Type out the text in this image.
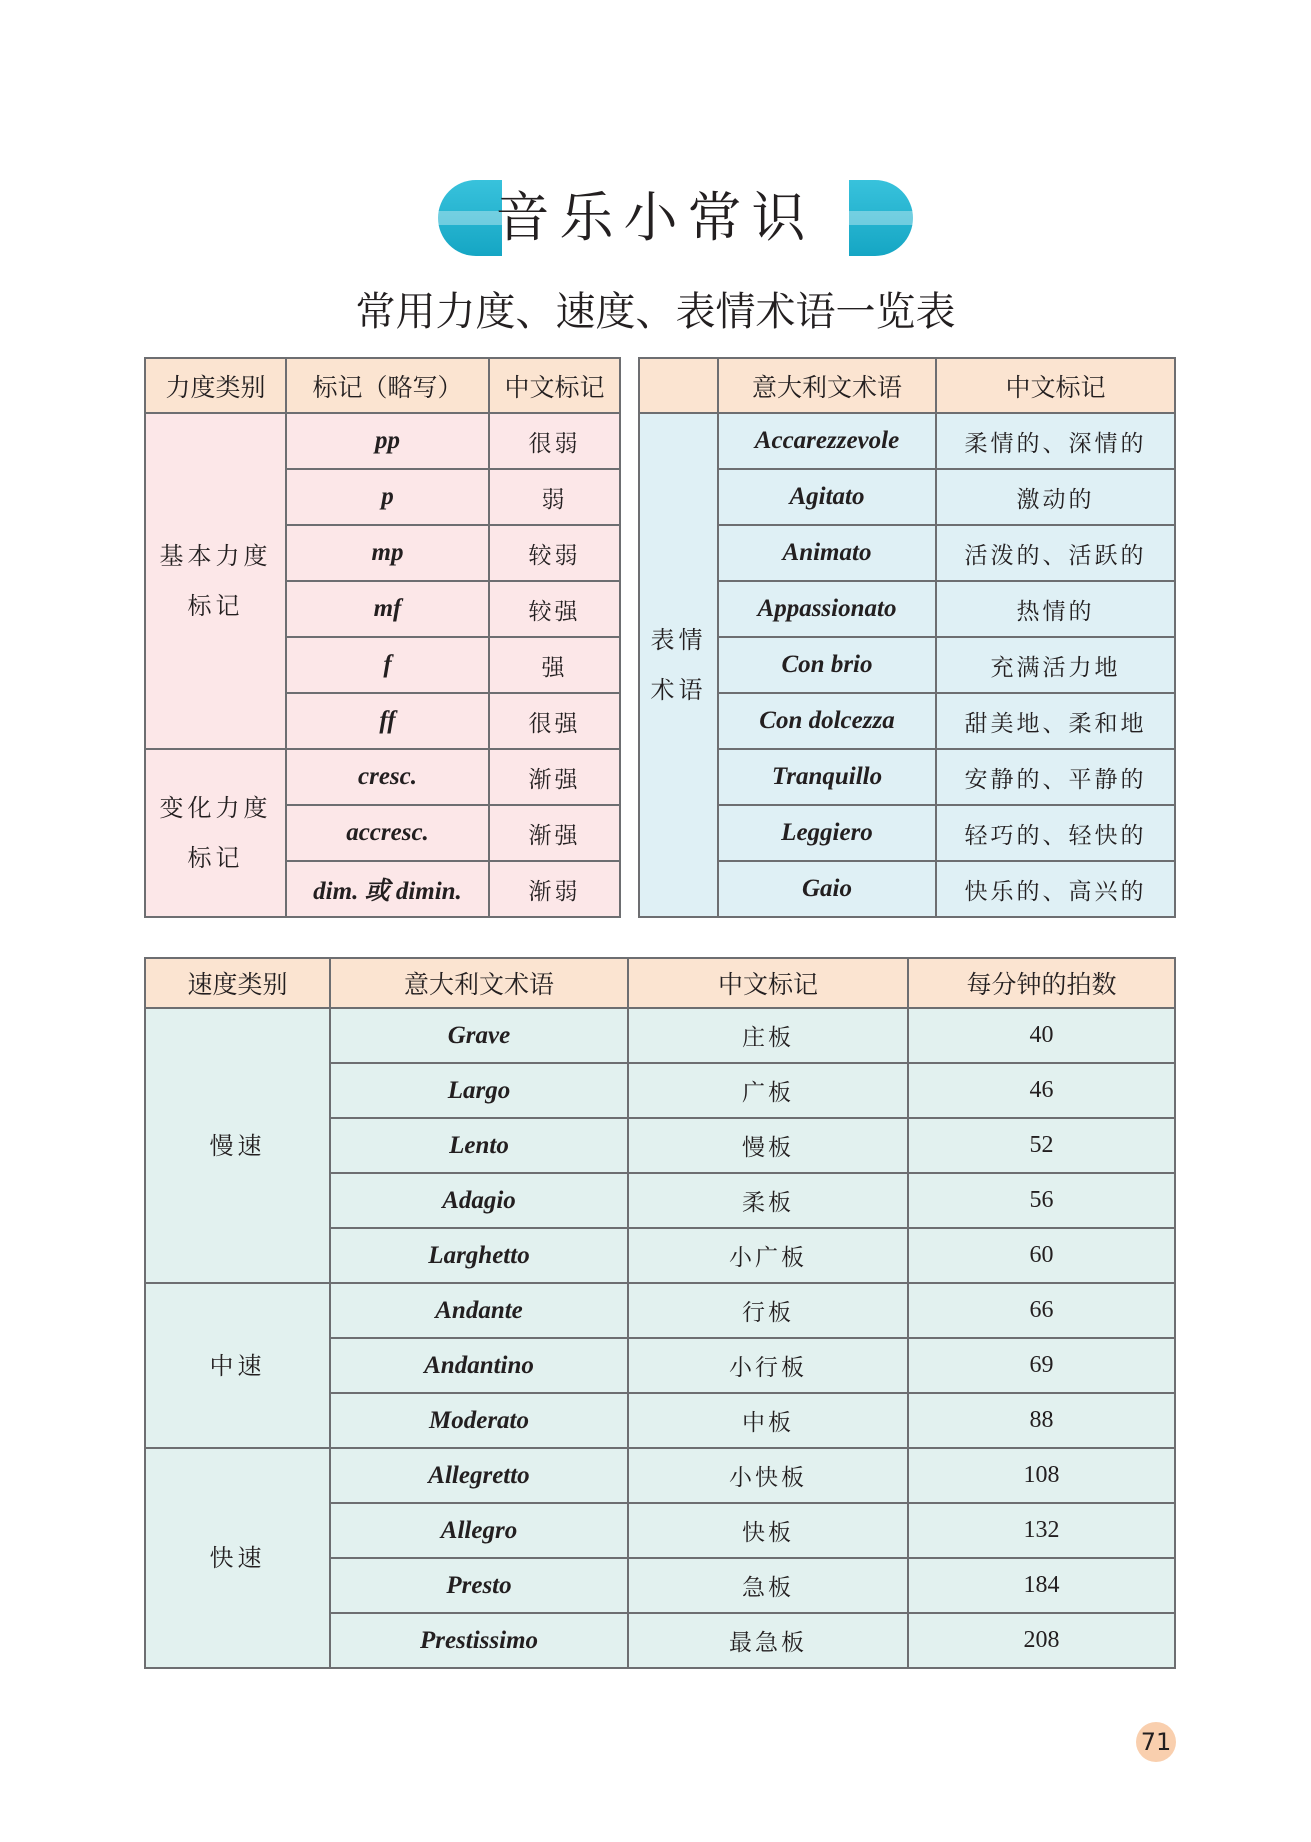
音乐小常识
常用力度、速度、表情术语一览表
力度类别	标记（略写）	中文标记
基本力度
标记	pp	很弱
	p	弱
	mp	较弱
	mf	较强
	f	强
	ff	很强
变化力度
标记	cresc.	渐强
	accresc.	渐强
	dim. 或 dimin.	渐弱
	意大利文术语	中文标记
表情
术语	Accarezzevole	柔情的、深情的
	Agitato	激动的
	Animato	活泼的、活跃的
	Appassionato	热情的
	Con brio	充满活力地
	Con dolcezza	甜美地、柔和地
	Tranquillo	安静的、平静的
	Leggiero	轻巧的、轻快的
	Gaio	快乐的、高兴的
速度类别	意大利文术语	中文标记	每分钟的拍数
慢速	Grave	庄板	40
	Largo	广板	46
	Lento	慢板	52
	Adagio	柔板	56
	Larghetto	小广板	60
中速	Andante	行板	66
	Andantino	小行板	69
	Moderato	中板	88
快速	Allegretto	小快板	108
	Allegro	快板	132
	Presto	急板	184
	Prestissimo	最急板	208
71
